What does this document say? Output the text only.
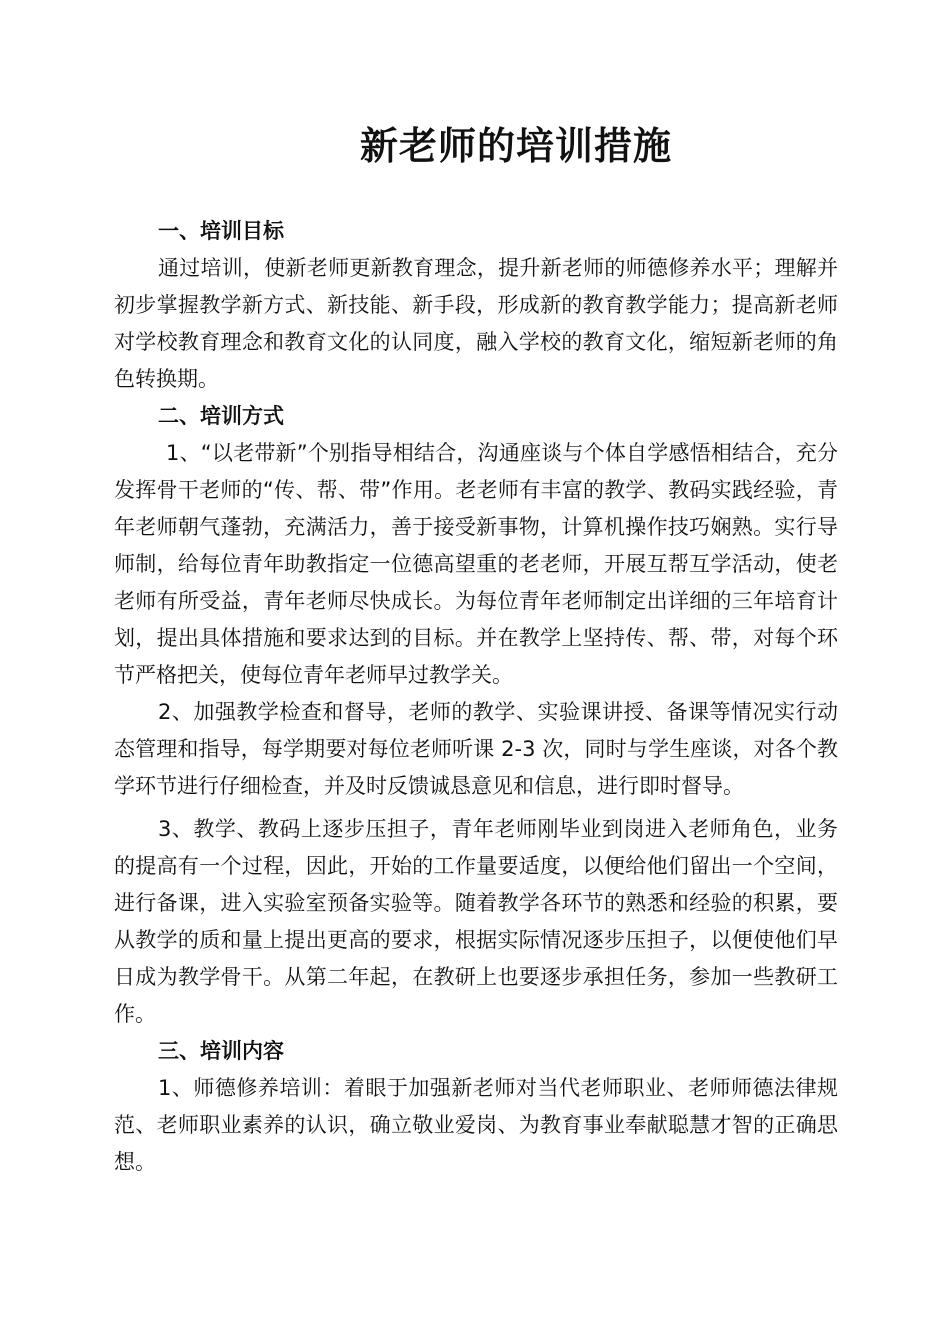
新老师的培训措施

一、培训目标

通过培训，使新老师更新教育理念，提升新老师的师德修养水平；理解并初步掌握教学新方式、新技能、新手段，形成新的教育教学能力；提高新老师对学校教育理念和教育文化的认同度，融入学校的教育文化，缩短新老师的角色转换期。

二、培训方式

1、“以老带新”个别指导相结合，沟通座谈与个体自学感悟相结合，充分发挥骨干老师的“传、帮、带”作用。老老师有丰富的教学、教码实践经验，青年老师朝气蓬勃，充满活力，善于接受新事物，计算机操作技巧娴熟。实行导师制，给每位青年助教指定一位德高望重的老老师，开展互帮互学活动，使老老师有所受益，青年老师尽快成长。为每位青年老师制定出详细的三年培育计划，提出具体措施和要求达到的目标。并在教学上坚持传、帮、带，对每个环节严格把关，使每位青年老师早过教学关。

2、加强教学检查和督导，老师的教学、实验课讲授、备课等情况实行动态管理和指导，每学期要对每位老师听课 2-3 次，同时与学生座谈，对各个教学环节进行仔细检查，并及时反馈诚恳意见和信息，进行即时督导。

3、教学、教码上逐步压担子，青年老师刚毕业到岗进入老师角色，业务的提高有一个过程，因此，开始的工作量要适度，以便给他们留出一个空间，进行备课，进入实验室预备实验等。随着教学各环节的熟悉和经验的积累，要从教学的质和量上提出更高的要求，根据实际情况逐步压担子，以便使他们早日成为教学骨干。从第二年起，在教研上也要逐步承担任务，参加一些教研工作。

三、培训内容

1、师德修养培训：着眼于加强新老师对当代老师职业、老师师德法律规范、老师职业素养的认识，确立敬业爱岗、为教育事业奉献聪慧才智的正确思想。
